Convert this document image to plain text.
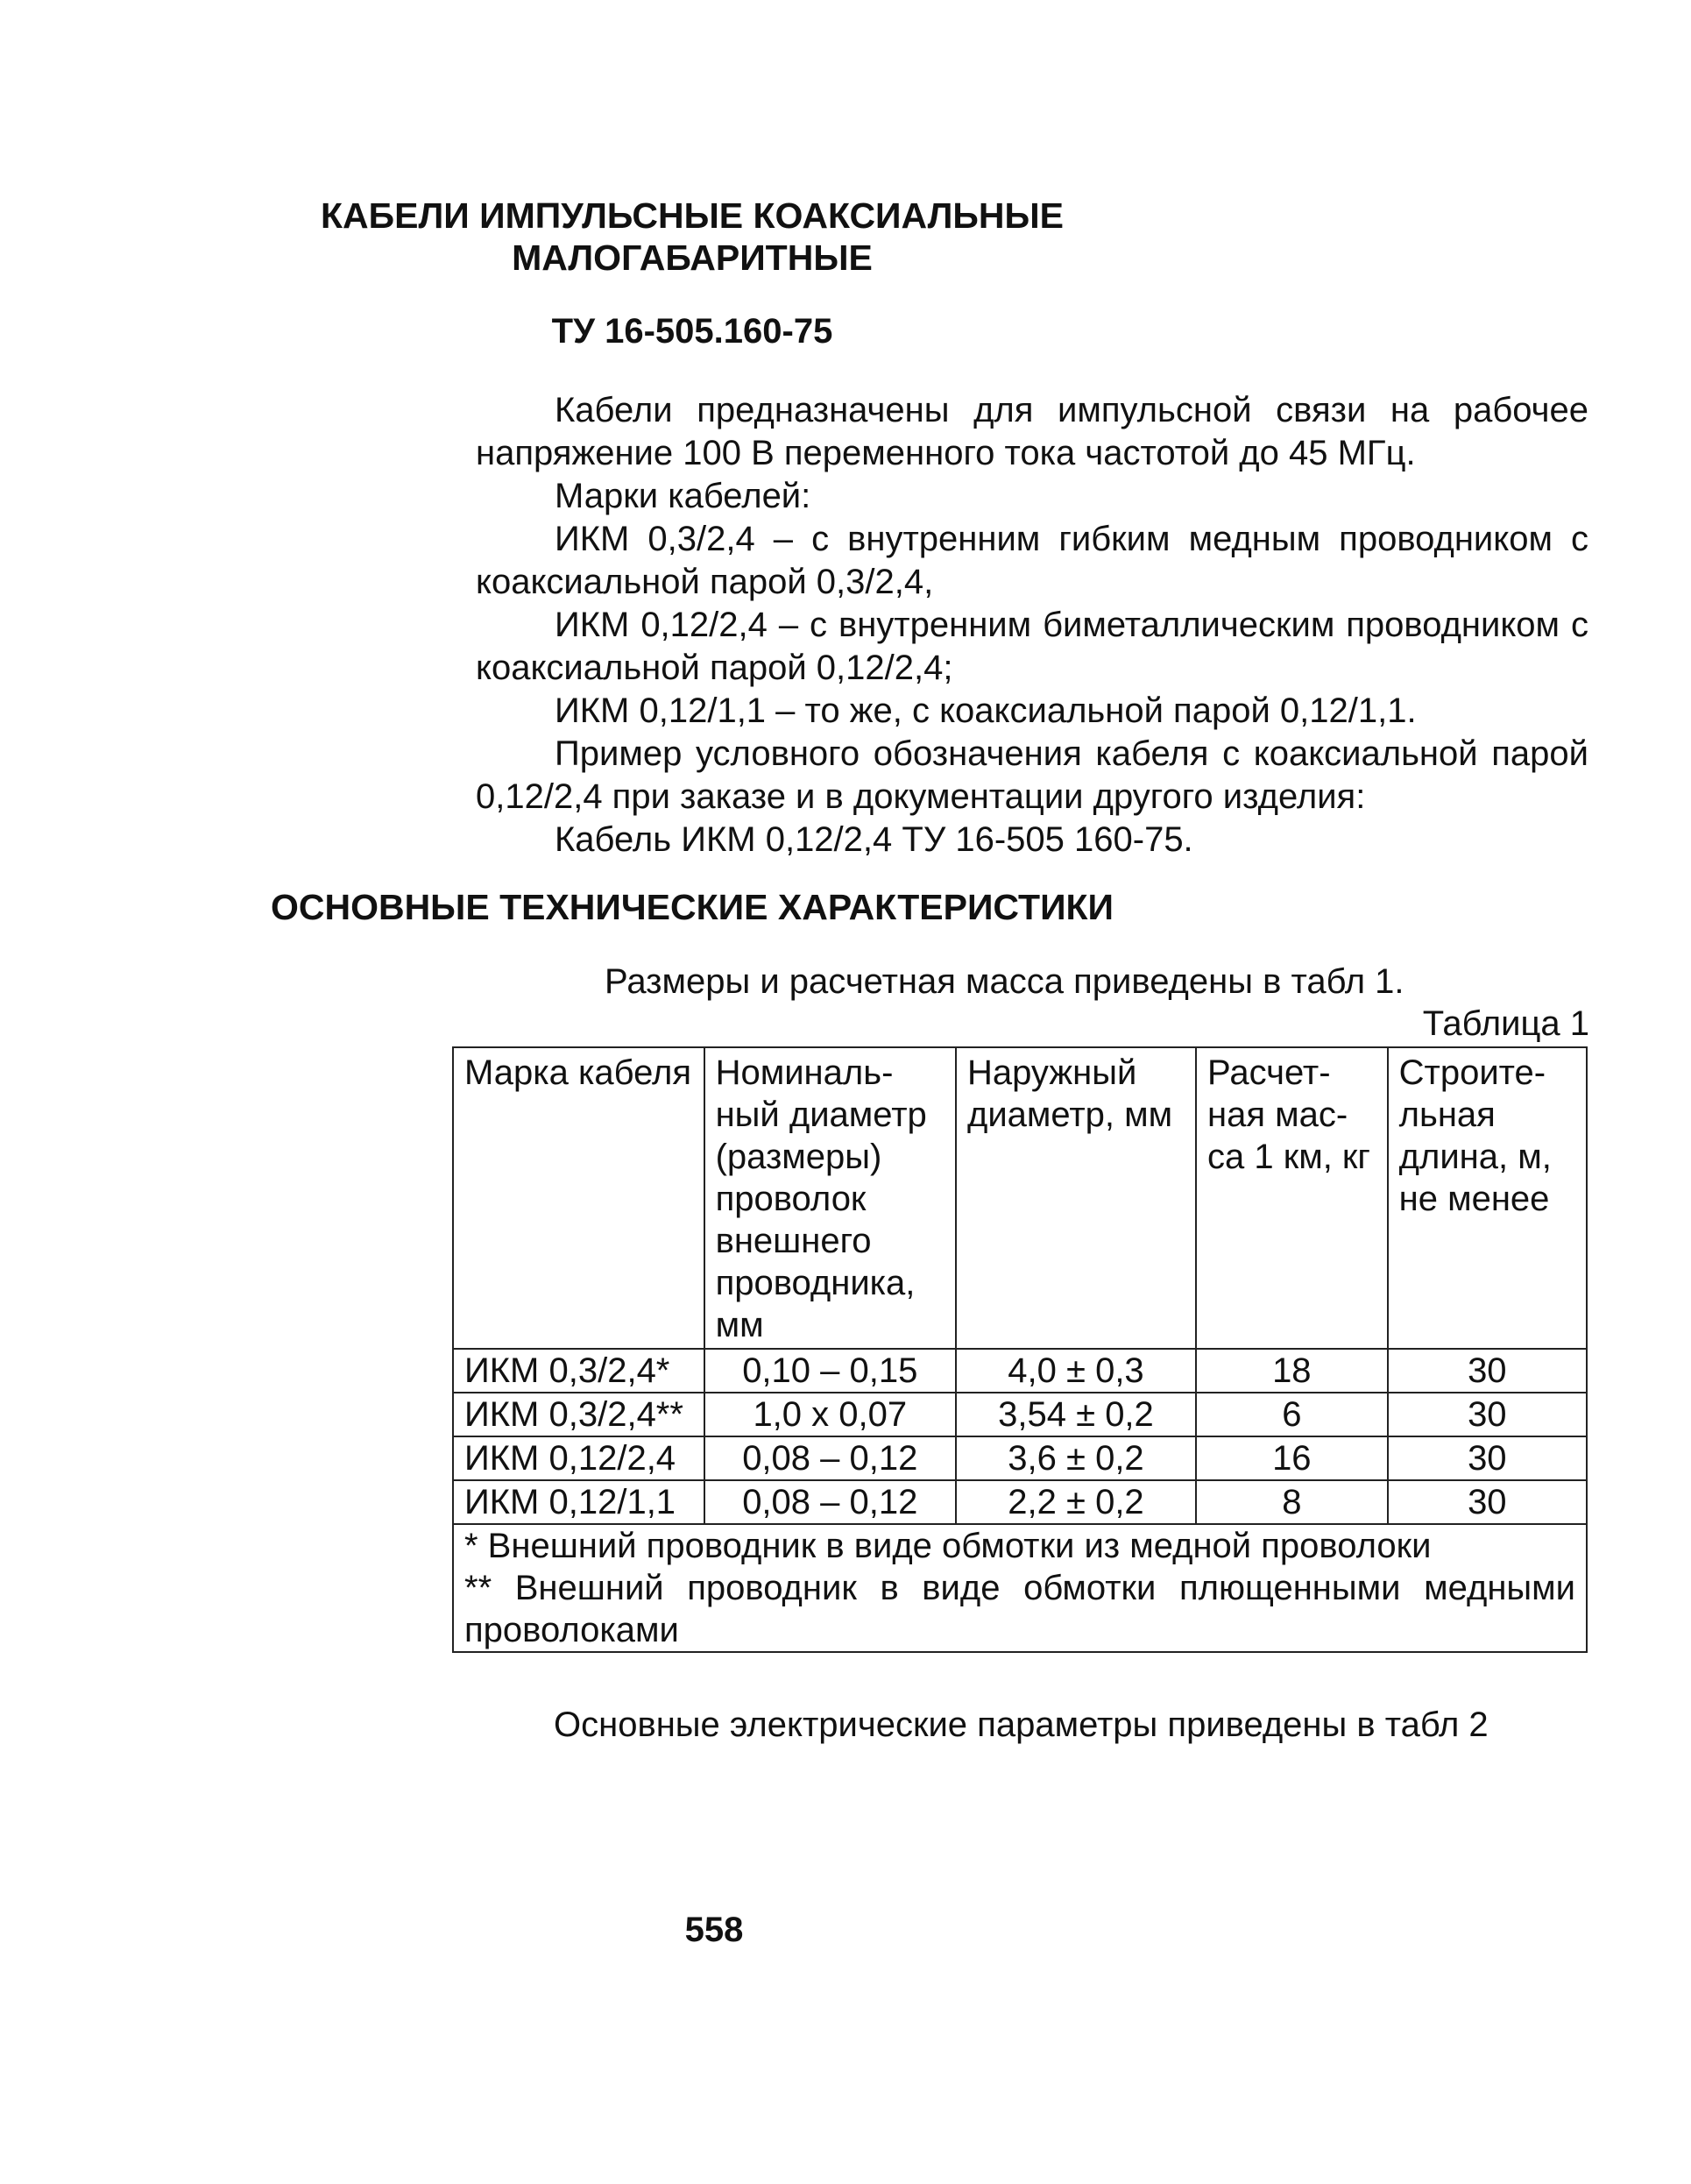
КАБЕЛИ ИМПУЛЬСНЫЕ КОАКСИАЛЬНЫЕ

МАЛОГАБАРИТНЫЕ

ТУ 16-505.160-75

Кабели предназначены для импульсной связи на рабочее напряжение 100 В переменного тока частотой до 45 МГц.

Марки кабелей:

ИКМ 0,3/2,4 – с внутренним гибким медным проводником с коаксиальной парой 0,3/2,4,

ИКМ 0,12/2,4 – с внутренним биметаллическим проводником с коаксиальной парой 0,12/2,4;

ИКМ 0,12/1,1 – то же, с коаксиальной парой 0,12/1,1.

Пример условного обозначения кабеля с коаксиальной парой 0,12/2,4 при заказе и в документации другого изделия:

Кабель ИКМ 0,12/2,4 ТУ 16-505 160-75.

ОСНОВНЫЕ ТЕХНИЧЕСКИЕ ХАРАКТЕРИСТИКИ

Размеры и расчетная масса приведены в табл 1.

Таблица 1

Марка кабеля	Номиналь- ный диаметр (размеры) проволок внешнего проводника, мм	Наружный диаметр, мм	Расчет- ная мас- са 1 км, кг	Строите- льная длина, м, не менее
ИКМ 0,3/2,4*	0,10 – 0,15	4,0 ± 0,3	18	30
ИКМ 0,3/2,4**	1,0 х 0,07	3,54 ± 0,2	6	30
ИКМ 0,12/2,4	0,08 – 0,12	3,6 ± 0,2	16	30
ИКМ 0,12/1,1	0,08 – 0,12	2,2 ± 0,2	8	30

* Внешний проводник в виде обмотки из медной проволоки
** Внешний проводник в виде обмотки плющенными медными проволоками				

Основные электрические параметры приведены в табл 2

558
